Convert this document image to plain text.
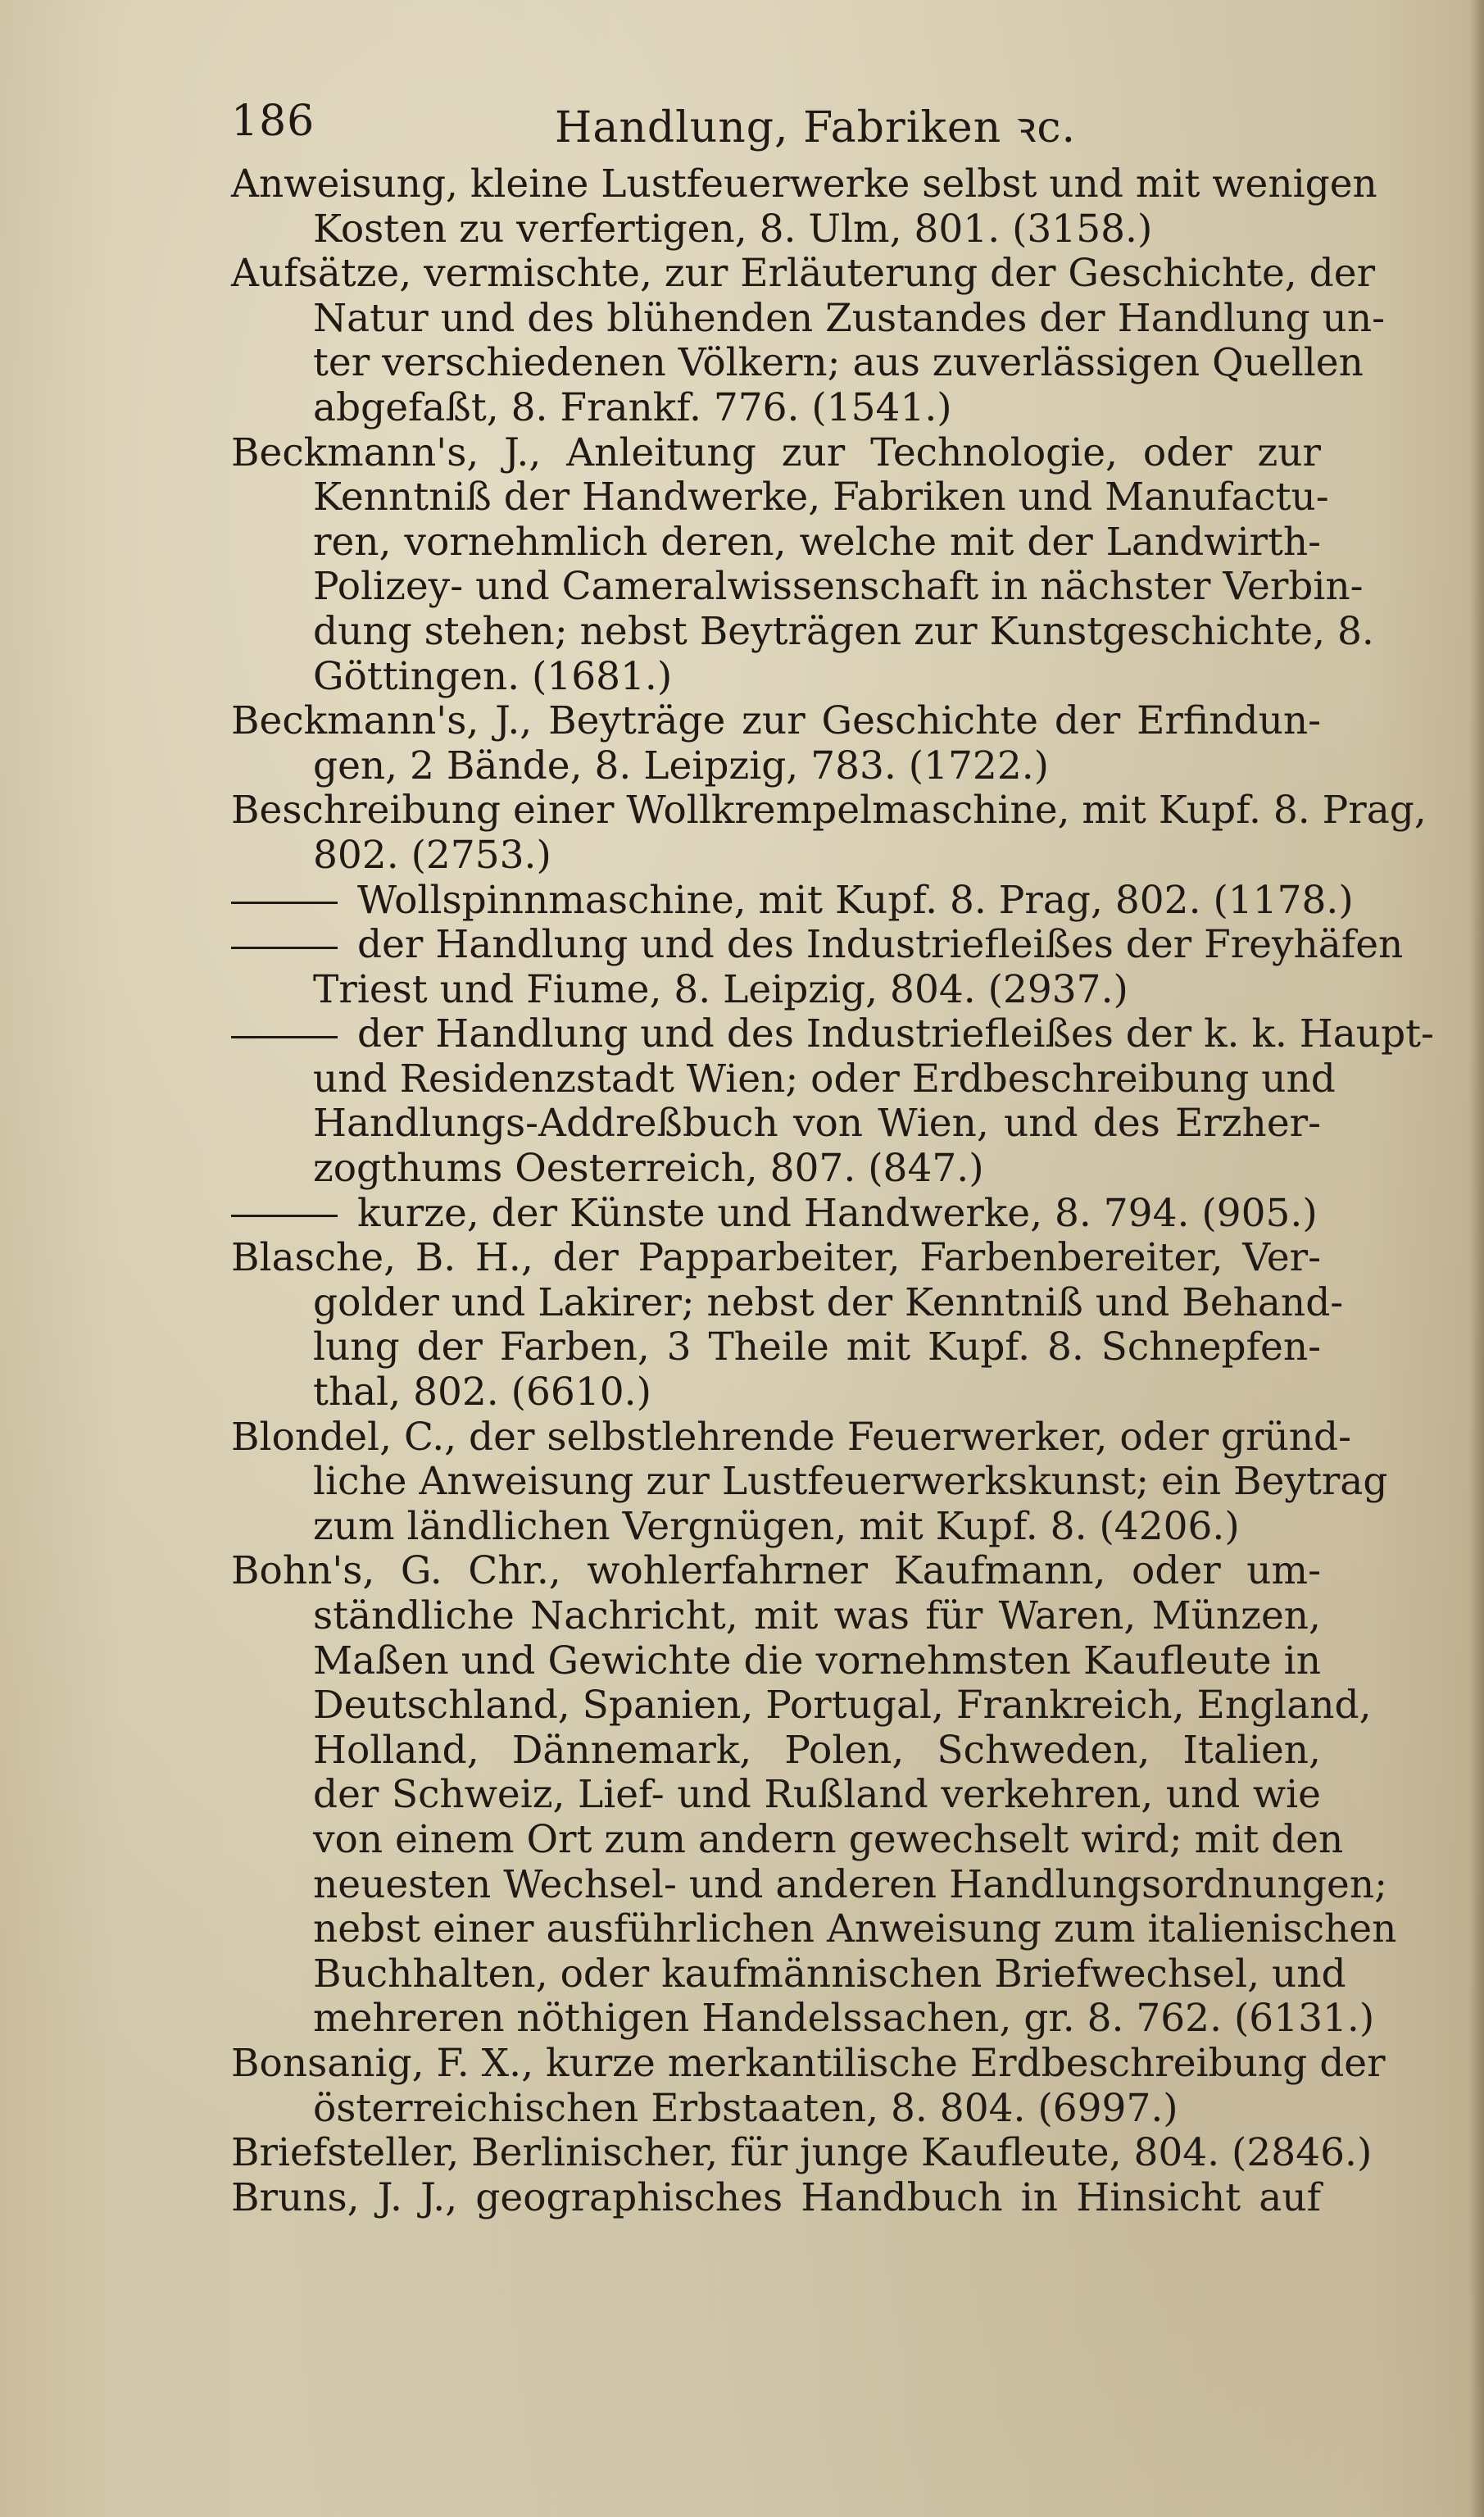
186	Handlung, Fabriken ꝛc.
Anweisung, kleine Lustfeuerwerke selbst und mit wenigen
Kosten zu verfertigen, 8. Ulm, 801. (3158.)
Aufsätze, vermischte, zur Erläuterung der Geschichte, der
Natur und des blühenden Zustandes der Handlung un-
ter verschiedenen Völkern; aus zuverlässigen Quellen
abgefaßt, 8. Frankf. 776. (1541.)
Beckmann's, J., Anleitung zur Technologie, oder zur
Kenntniß der Handwerke, Fabriken und Manufactu-
ren, vornehmlich deren, welche mit der Landwirth-
Polizey- und Cameralwissenschaft in nächster Verbin-
dung stehen; nebst Beyträgen zur Kunstgeschichte, 8.
Göttingen. (1681.)
Beckmann's, J., Beyträge zur Geschichte der Erfindun-
gen, 2 Bände, 8. Leipzig, 783. (1722.)
Beschreibung einer Wollkrempelmaschine, mit Kupf. 8. Prag,
802. (2753.)
Wollspinnmaschine, mit Kupf. 8. Prag, 802. (1178.)
der Handlung und des Industriefleißes der Freyhäfen
Triest und Fiume, 8. Leipzig, 804. (2937.)
der Handlung und des Industriefleißes der k. k. Haupt-
und Residenzstadt Wien; oder Erdbeschreibung und
Handlungs-Addreßbuch von Wien, und des Erzher-
zogthums Oesterreich, 807. (847.)
kurze, der Künste und Handwerke, 8. 794. (905.)
Blasche, B. H., der Papparbeiter, Farbenbereiter, Ver-
golder und Lakirer; nebst der Kenntniß und Behand-
lung der Farben, 3 Theile mit Kupf. 8. Schnepfen-
thal, 802. (6610.)
Blondel, C., der selbstlehrende Feuerwerker, oder gründ-
liche Anweisung zur Lustfeuerwerkskunst; ein Beytrag
zum ländlichen Vergnügen, mit Kupf. 8. (4206.)
Bohn's, G. Chr., wohlerfahrner Kaufmann, oder um-
ständliche Nachricht, mit was für Waren, Münzen,
Maßen und Gewichte die vornehmsten Kaufleute in
Deutschland, Spanien, Portugal, Frankreich, England,
Holland, Dännemark, Polen, Schweden, Italien,
der Schweiz, Lief- und Rußland verkehren, und wie
von einem Ort zum andern gewechselt wird; mit den
neuesten Wechsel- und anderen Handlungsordnungen;
nebst einer ausführlichen Anweisung zum italienischen
Buchhalten, oder kaufmännischen Briefwechsel, und
mehreren nöthigen Handelssachen, gr. 8. 762. (6131.)
Bonsanig, F. X., kurze merkantilische Erdbeschreibung der
österreichischen Erbstaaten, 8. 804. (6997.)
Briefsteller, Berlinischer, für junge Kaufleute, 804. (2846.)
Bruns, J. J., geographisches Handbuch in Hinsicht auf
